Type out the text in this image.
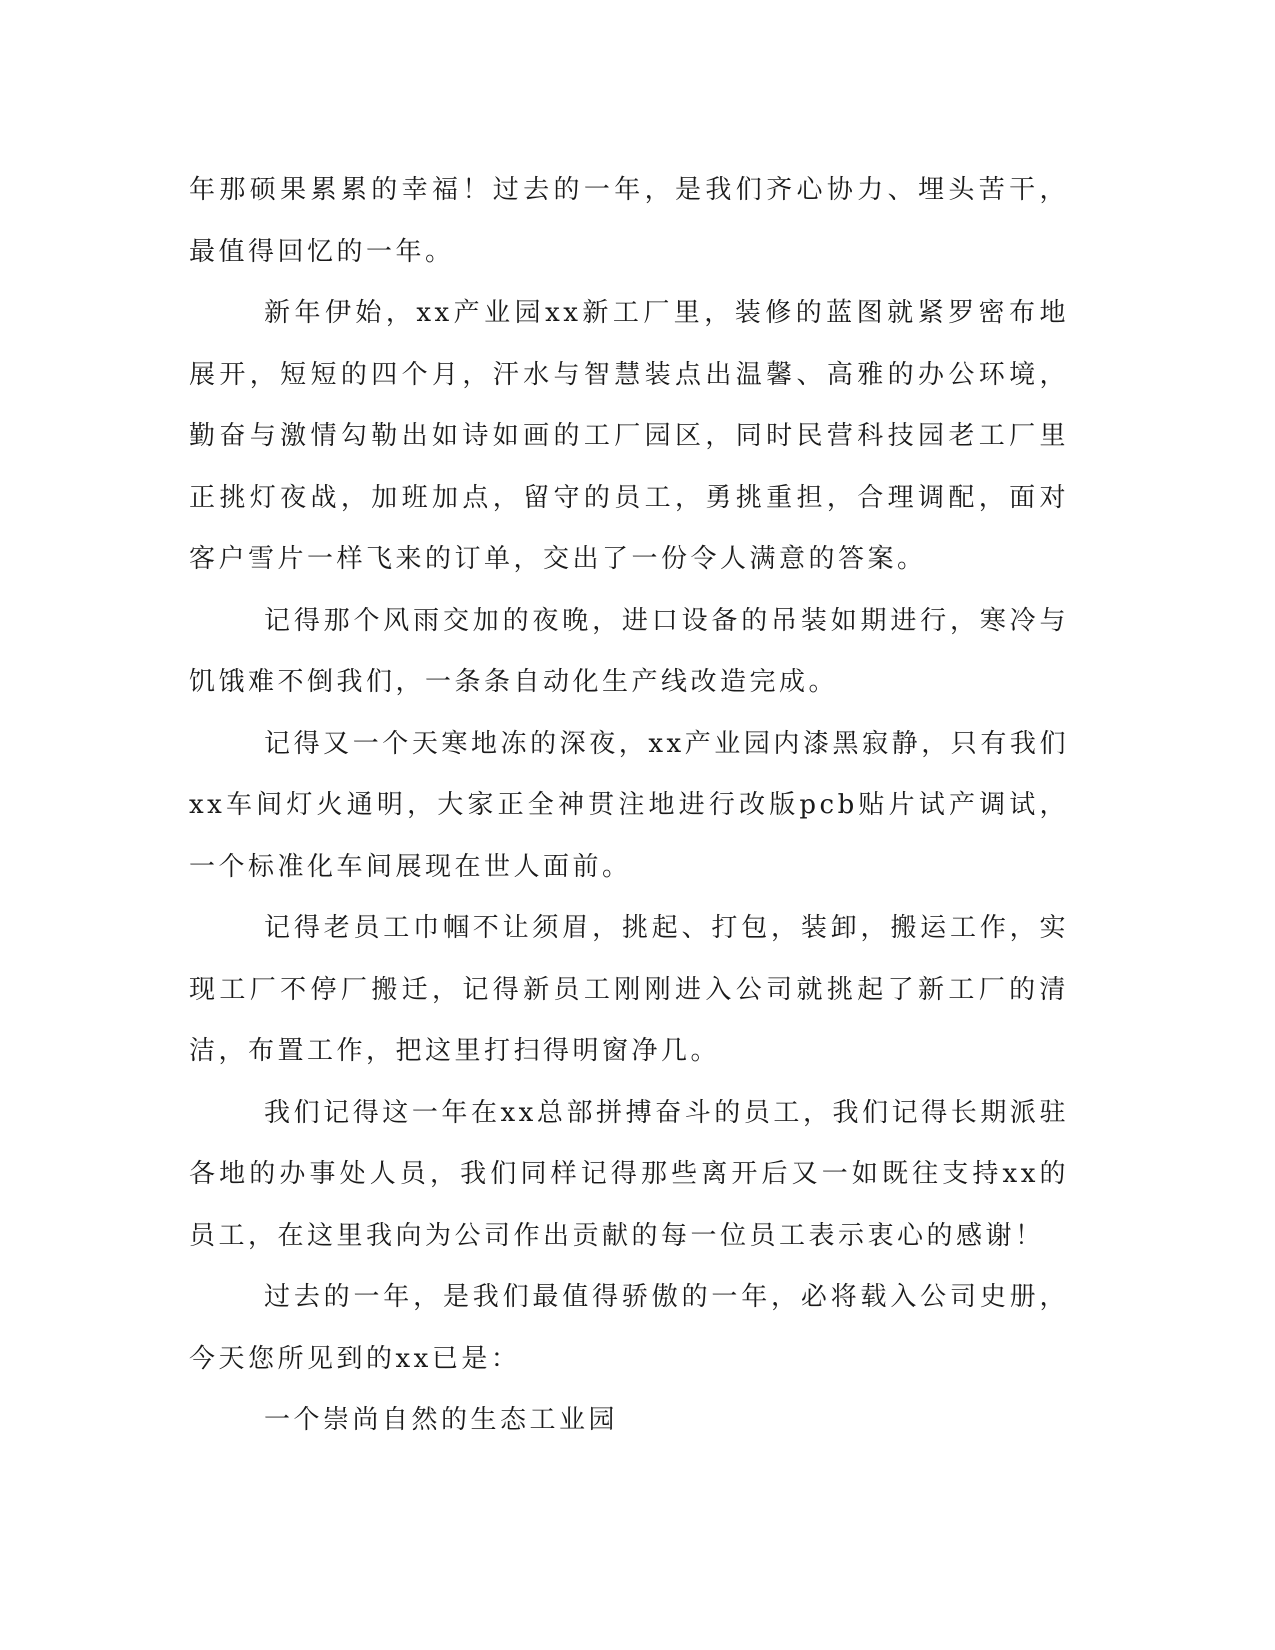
年那硕果累累的幸福！过去的一年，是我们齐心协力、埋头苦干，最值得回忆的一年。

新年伊始，xx产业园xx新工厂里，装修的蓝图就紧罗密布地展开，短短的四个月，汗水与智慧装点出温馨、高雅的办公环境，勤奋与激情勾勒出如诗如画的工厂园区，同时民营科技园老工厂里正挑灯夜战，加班加点，留守的员工，勇挑重担，合理调配，面对客户雪片一样飞来的订单，交出了一份令人满意的答案。

记得那个风雨交加的夜晚，进口设备的吊装如期进行，寒冷与饥饿难不倒我们，一条条自动化生产线改造完成。

记得又一个天寒地冻的深夜，xx产业园内漆黑寂静，只有我们xx车间灯火通明，大家正全神贯注地进行改版pcb贴片试产调试，一个标准化车间展现在世人面前。

记得老员工巾帼不让须眉，挑起、打包，装卸，搬运工作，实现工厂不停厂搬迁，记得新员工刚刚进入公司就挑起了新工厂的清洁，布置工作，把这里打扫得明窗净几。

我们记得这一年在xx总部拼搏奋斗的员工，我们记得长期派驻各地的办事处人员，我们同样记得那些离开后又一如既往支持xx的员工，在这里我向为公司作出贡献的每一位员工表示衷心的感谢！

过去的一年，是我们最值得骄傲的一年，必将载入公司史册，今天您所见到的xx已是：

一个崇尚自然的生态工业园
